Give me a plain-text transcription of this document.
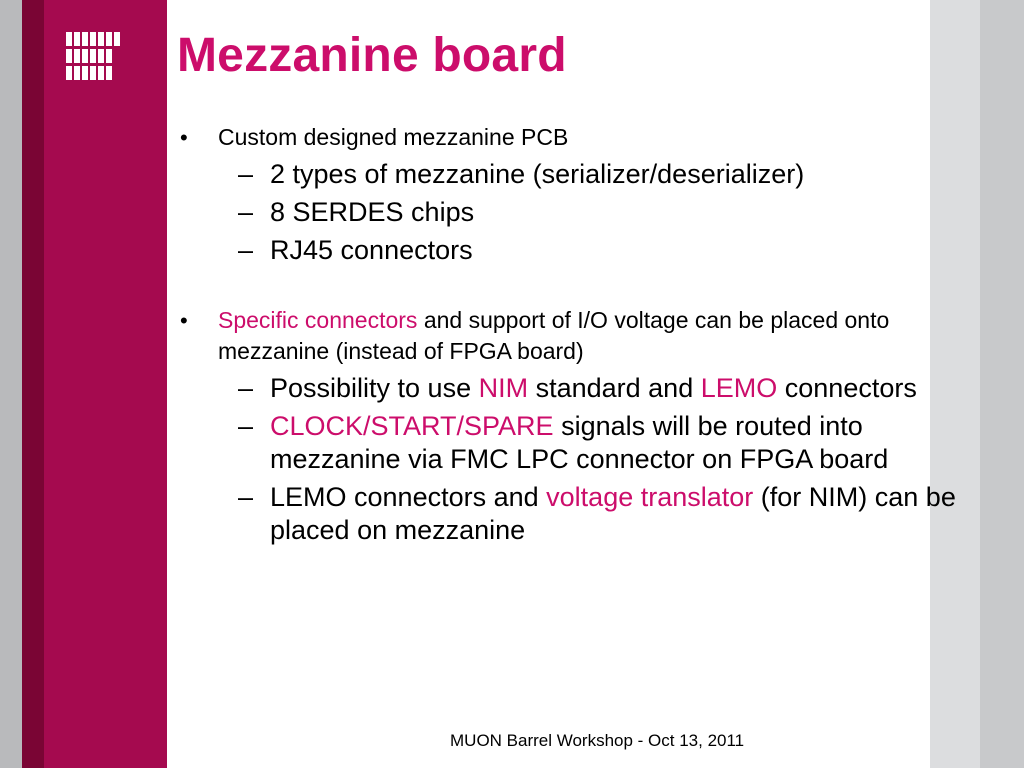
Mezzanine board
• Custom designed mezzanine PCB
– 2 types of mezzanine (serializer/deserializer)
– 8 SERDES chips
– RJ45 connectors
• Specific connectors and support of I/O voltage can be placed onto mezzanine (instead of FPGA board)
– Possibility to use NIM standard and LEMO connectors
– CLOCK/START/SPARE signals will be routed into mezzanine via FMC LPC connector on FPGA board
– LEMO connectors and voltage translator (for NIM) can be placed on mezzanine
MUON Barrel Workshop - Oct 13, 2011
